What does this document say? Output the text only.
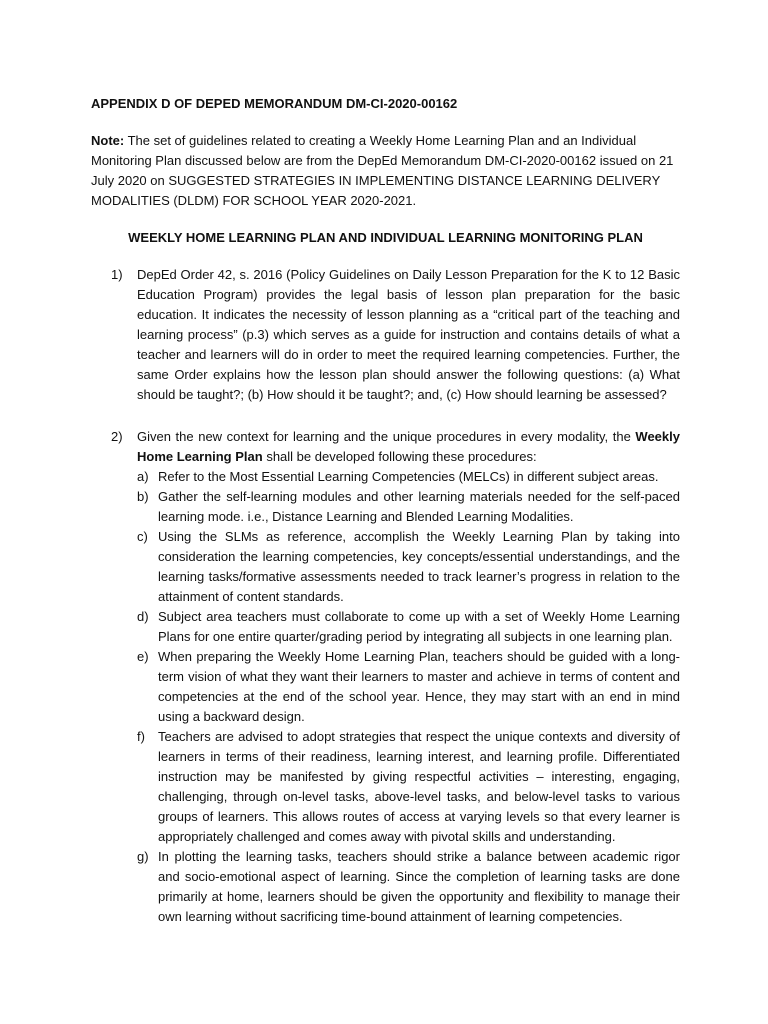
APPENDIX D OF DEPED MEMORANDUM DM-CI-2020-00162
Note: The set of guidelines related to creating a Weekly Home Learning Plan and an Individual Monitoring Plan discussed below are from the DepEd Memorandum DM-CI-2020-00162 issued on 21 July 2020 on SUGGESTED STRATEGIES IN IMPLEMENTING DISTANCE LEARNING DELIVERY MODALITIES (DLDM) FOR SCHOOL YEAR 2020-2021.
WEEKLY HOME LEARNING PLAN AND INDIVIDUAL LEARNING MONITORING PLAN
1) DepEd Order 42, s. 2016 (Policy Guidelines on Daily Lesson Preparation for the K to 12 Basic Education Program) provides the legal basis of lesson plan preparation for the basic education. It indicates the necessity of lesson planning as a “critical part of the teaching and learning process” (p.3) which serves as a guide for instruction and contains details of what a teacher and learners will do in order to meet the required learning competencies. Further, the same Order explains how the lesson plan should answer the following questions: (a) What should be taught?; (b) How should it be taught?; and, (c) How should learning be assessed?
2) Given the new context for learning and the unique procedures in every modality, the Weekly Home Learning Plan shall be developed following these procedures:
a) Refer to the Most Essential Learning Competencies (MELCs) in different subject areas.
b) Gather the self-learning modules and other learning materials needed for the self-paced learning mode. i.e., Distance Learning and Blended Learning Modalities.
c) Using the SLMs as reference, accomplish the Weekly Learning Plan by taking into consideration the learning competencies, key concepts/essential understandings, and the learning tasks/formative assessments needed to track learner’s progress in relation to the attainment of content standards.
d) Subject area teachers must collaborate to come up with a set of Weekly Home Learning Plans for one entire quarter/grading period by integrating all subjects in one learning plan.
e) When preparing the Weekly Home Learning Plan, teachers should be guided with a long-term vision of what they want their learners to master and achieve in terms of content and competencies at the end of the school year. Hence, they may start with an end in mind using a backward design.
f) Teachers are advised to adopt strategies that respect the unique contexts and diversity of learners in terms of their readiness, learning interest, and learning profile. Differentiated instruction may be manifested by giving respectful activities – interesting, engaging, challenging, through on-level tasks, above-level tasks, and below-level tasks to various groups of learners. This allows routes of access at varying levels so that every learner is appropriately challenged and comes away with pivotal skills and understanding.
g) In plotting the learning tasks, teachers should strike a balance between academic rigor and socio-emotional aspect of learning. Since the completion of learning tasks are done primarily at home, learners should be given the opportunity and flexibility to manage their own learning without sacrificing time-bound attainment of learning competencies.
